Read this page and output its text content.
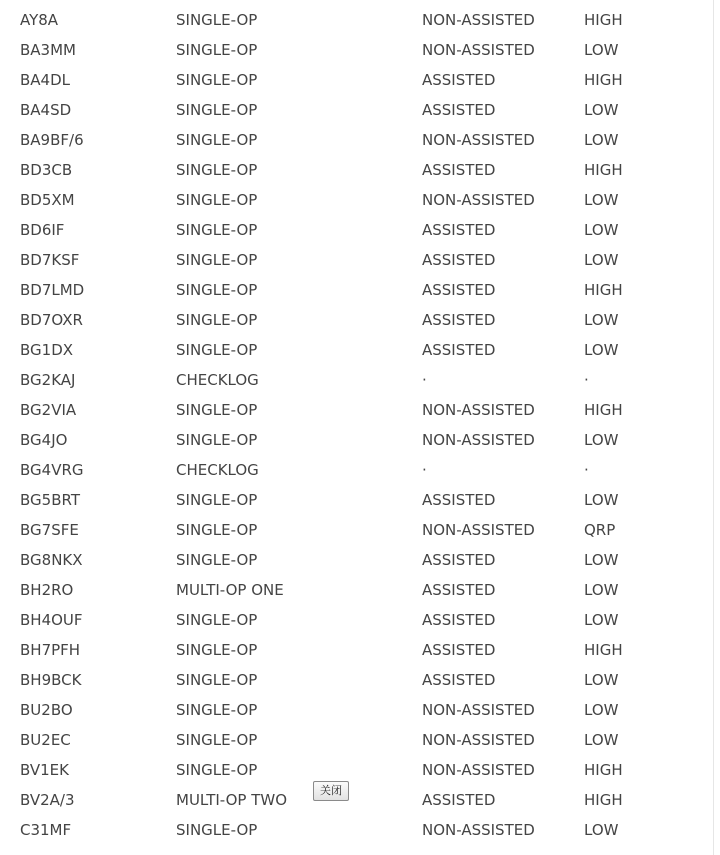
AY8A	SINGLE-OP	NON-ASSISTED	HIGH
BA3MM	SINGLE-OP	NON-ASSISTED	LOW
BA4DL	SINGLE-OP	ASSISTED	HIGH
BA4SD	SINGLE-OP	ASSISTED	LOW
BA9BF/6	SINGLE-OP	NON-ASSISTED	LOW
BD3CB	SINGLE-OP	ASSISTED	HIGH
BD5XM	SINGLE-OP	NON-ASSISTED	LOW
BD6IF	SINGLE-OP	ASSISTED	LOW
BD7KSF	SINGLE-OP	ASSISTED	LOW
BD7LMD	SINGLE-OP	ASSISTED	HIGH
BD7OXR	SINGLE-OP	ASSISTED	LOW
BG1DX	SINGLE-OP	ASSISTED	LOW
BG2KAJ	CHECKLOG	·	·
BG2VIA	SINGLE-OP	NON-ASSISTED	HIGH
BG4JO	SINGLE-OP	NON-ASSISTED	LOW
BG4VRG	CHECKLOG	·	·
BG5BRT	SINGLE-OP	ASSISTED	LOW
BG7SFE	SINGLE-OP	NON-ASSISTED	QRP
BG8NKX	SINGLE-OP	ASSISTED	LOW
BH2RO	MULTI-OP ONE	ASSISTED	LOW
BH4OUF	SINGLE-OP	ASSISTED	LOW
BH7PFH	SINGLE-OP	ASSISTED	HIGH
BH9BCK	SINGLE-OP	ASSISTED	LOW
BU2BO	SINGLE-OP	NON-ASSISTED	LOW
BU2EC	SINGLE-OP	NON-ASSISTED	LOW
BV1EK	SINGLE-OP	NON-ASSISTED	HIGH
BV2A/3	MULTI-OP TWO	ASSISTED	HIGH
C31MF	SINGLE-OP	NON-ASSISTED	LOW
关闭
